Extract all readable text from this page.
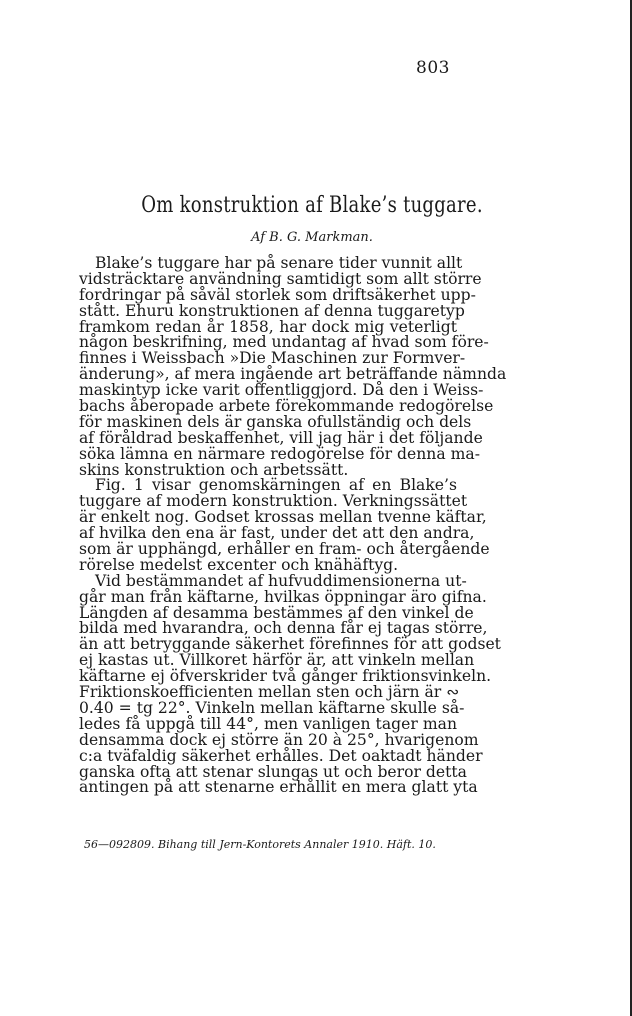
803
Om konstruktion af Blake’s tuggare.
Af B. G. Markman.
Blake’s tuggare har på senare tider vunnit allt
vidsträcktare användning samtidigt som allt större
fordringar på såväl storlek som driftsäkerhet upp-
stått. Ehuru konstruktionen af denna tuggaretyp
framkom redan år 1858, har dock mig veterligt
någon beskrifning, med undantag af hvad som före-
finnes i Weissbach »Die Maschinen zur Formver-
änderung», af mera ingående art beträffande nämnda
maskintyp icke varit offentliggjord. Då den i Weiss-
bachs åberopade arbete förekommande redogörelse
för maskinen dels är ganska ofullständig och dels
af föråldrad beskaffenhet, vill jag här i det följande
söka lämna en närmare redogörelse för denna ma-
skins konstruktion och arbetssätt.
Fig. 1 visar genomskärningen af en Blake’s
tuggare af modern konstruktion. Verkningssättet
är enkelt nog. Godset krossas mellan tvenne käftar,
af hvilka den ena är fast, under det att den andra,
som är upphängd, erhåller en fram- och återgående
rörelse medelst excenter och knähäftyg.
Vid bestämmandet af hufvuddimensionerna ut-
går man från käftarne, hvilkas öppningar äro gifna.
Längden af desamma bestämmes af den vinkel de
bilda med hvarandra, och denna får ej tagas större,
än att betryggande säkerhet förefinnes för att godset
ej kastas ut. Villkoret härför är, att vinkeln mellan
käftarne ej öfverskrider två gånger friktionsvinkeln.
Friktionskoefficienten mellan sten och järn är ∾
0.40 = tg 22°. Vinkeln mellan käftarne skulle så-
ledes få uppgå till 44°, men vanligen tager man
densamma dock ej större än 20 à 25°, hvarigenom
c:a tväfaldig säkerhet erhålles. Det oaktadt händer
ganska ofta att stenar slungas ut och beror detta
antingen på att stenarne erhållit en mera glatt yta
56—092809. Bihang till Jern-Kontorets Annaler 1910. Häft. 10.
